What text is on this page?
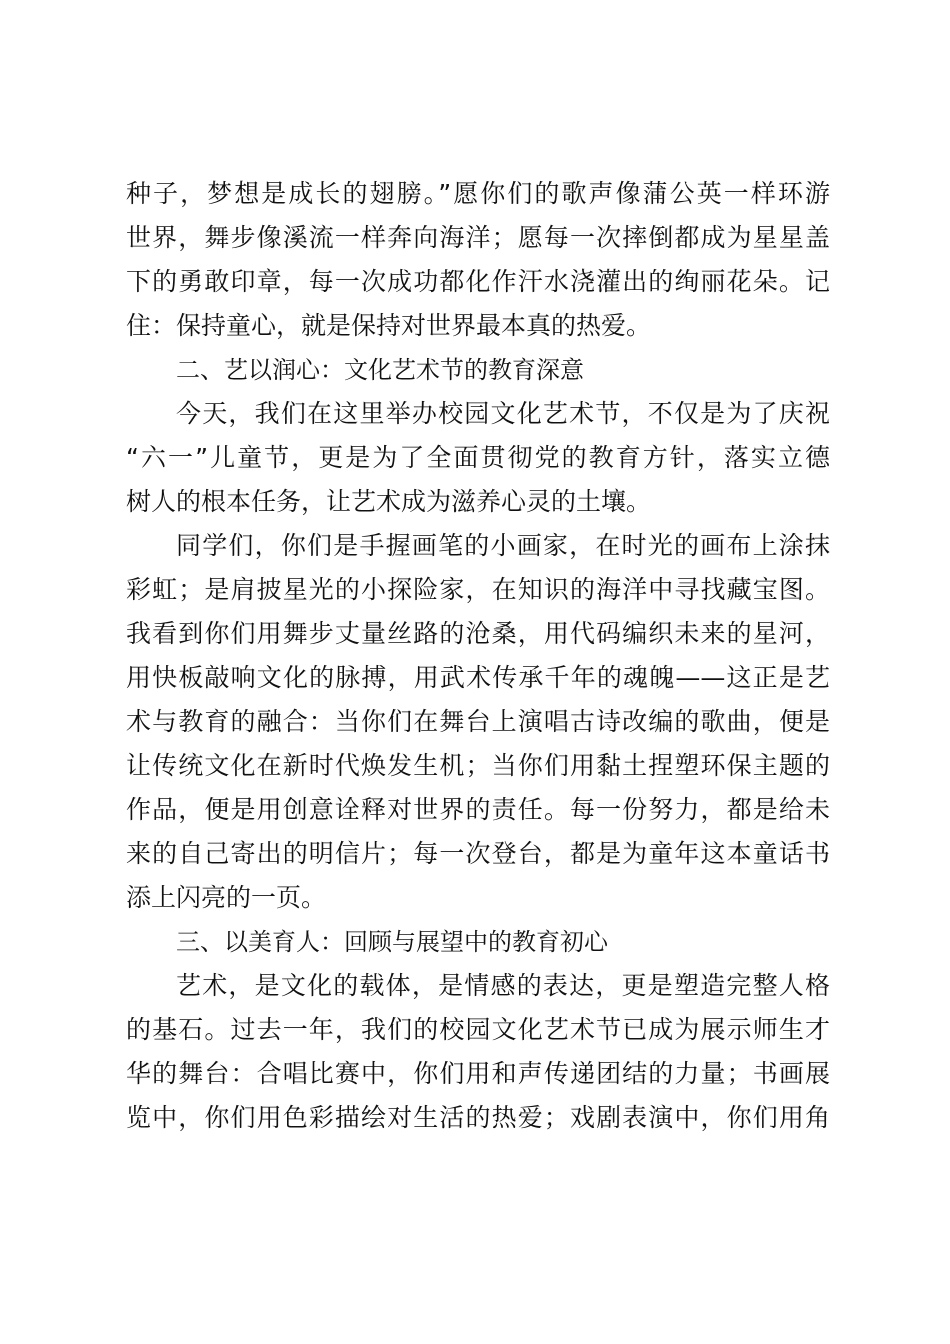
种子，梦想是成长的翅膀。”愿你们的歌声像蒲公英一样环游
世界，舞步像溪流一样奔向海洋；愿每一次摔倒都成为星星盖
下的勇敢印章，每一次成功都化作汗水浇灌出的绚丽花朵。记
住：保持童心，就是保持对世界最本真的热爱。
二、艺以润心：文化艺术节的教育深意
今天，我们在这里举办校园文化艺术节，不仅是为了庆祝
“六一”儿童节，更是为了全面贯彻党的教育方针，落实立德
树人的根本任务，让艺术成为滋养心灵的土壤。
同学们，你们是手握画笔的小画家，在时光的画布上涂抹
彩虹；是肩披星光的小探险家，在知识的海洋中寻找藏宝图。
我看到你们用舞步丈量丝路的沧桑，用代码编织未来的星河，
用快板敲响文化的脉搏，用武术传承千年的魂魄——这正是艺
术与教育的融合：当你们在舞台上演唱古诗改编的歌曲，便是
让传统文化在新时代焕发生机；当你们用黏土捏塑环保主题的
作品，便是用创意诠释对世界的责任。每一份努力，都是给未
来的自己寄出的明信片；每一次登台，都是为童年这本童话书
添上闪亮的一页。
三、以美育人：回顾与展望中的教育初心
艺术，是文化的载体，是情感的表达，更是塑造完整人格
的基石。过去一年，我们的校园文化艺术节已成为展示师生才
华的舞台：合唱比赛中，你们用和声传递团结的力量；书画展
览中，你们用色彩描绘对生活的热爱；戏剧表演中，你们用角
